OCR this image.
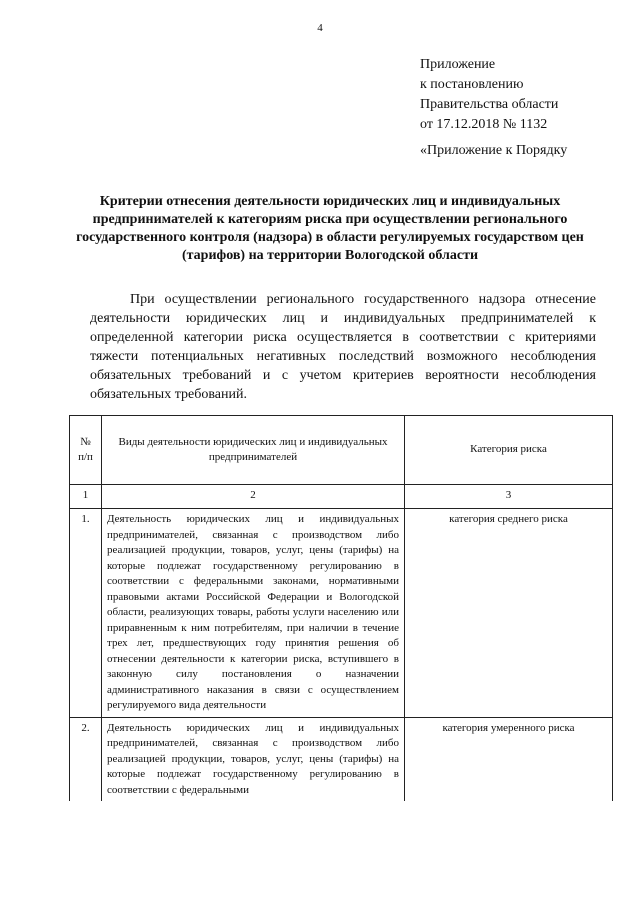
4
Приложение
к постановлению
Правительства области
от 17.12.2018 № 1132
«Приложение к Порядку
Критерии отнесения деятельности юридических лиц и индивидуальных предпринимателей к категориям риска при осуществлении регионального государственного контроля (надзора) в области регулируемых государством цен (тарифов) на территории Вологодской области
При осуществлении регионального государственного надзора отнесение деятельности юридических лиц и индивидуальных предпринимателей к определенной категории риска осуществляется в соответствии с критериями тяжести потенциальных негативных последствий возможного несоблюдения обязательных требований и с учетом критериев вероятности несоблюдения обязательных требований.
№ п/п	Виды деятельности юридических лиц и индивидуальных предпринимателей	Категория риска
1	2	3
1.	Деятельность юридических лиц и индивидуальных предпринимателей, связанная с производством либо реализацией продукции, товаров, услуг, цены (тарифы) на которые подлежат государственному регулированию в соответствии с федеральными законами, нормативными правовыми актами Российской Федерации и Вологодской области, реализующих товары, работы услуги населению или приравненным к ним потребителям, при наличии в течение трех лет, предшествующих году принятия решения об отнесении деятельности к категории риска, вступившего в законную силу постановления о назначении административного наказания в связи с осуществлением регулируемого вида деятельности	категория среднего риска
2.	Деятельность юридических лиц и индивидуальных предпринимателей, связанная с производством либо реализацией продукции, товаров, услуг, цены (тарифы) на которые подлежат государственному регулированию в соответствии с федеральными	категория умеренного риска
